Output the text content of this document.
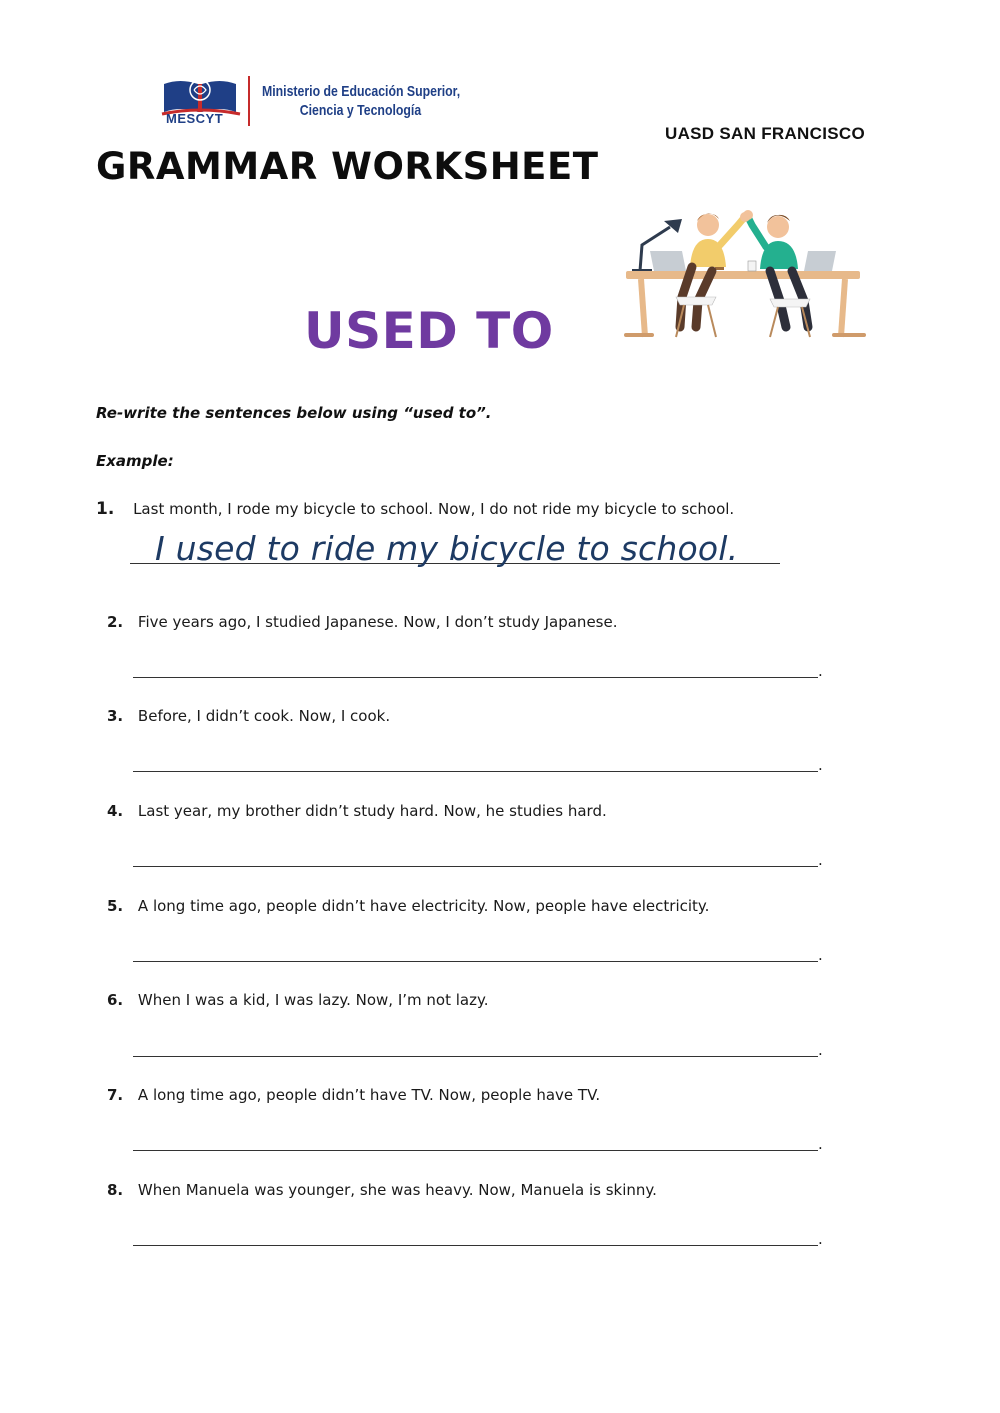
Ministerio de Educación Superior,
Ciencia y Tecnología
MESCYT
UASD SAN FRANCISCO
GRAMMAR WORKSHEET
USED TO
Re-write the sentences below using “used to”.
Example:
1. Last month, I rode my bicycle to school. Now, I do not ride my bicycle to school.
I used to ride my bicycle to school.
2. Five years ago, I studied Japanese. Now, I don’t study Japanese.
.
3. Before, I didn’t cook. Now, I cook.
.
4. Last year, my brother didn’t study hard. Now, he studies hard.
.
5. A long time ago, people didn’t have electricity. Now, people have electricity.
.
6. When I was a kid, I was lazy. Now, I’m not lazy.
.
7. A long time ago, people didn’t have TV. Now, people have TV.
.
8. When Manuela was younger, she was heavy. Now, Manuela is skinny.
.
